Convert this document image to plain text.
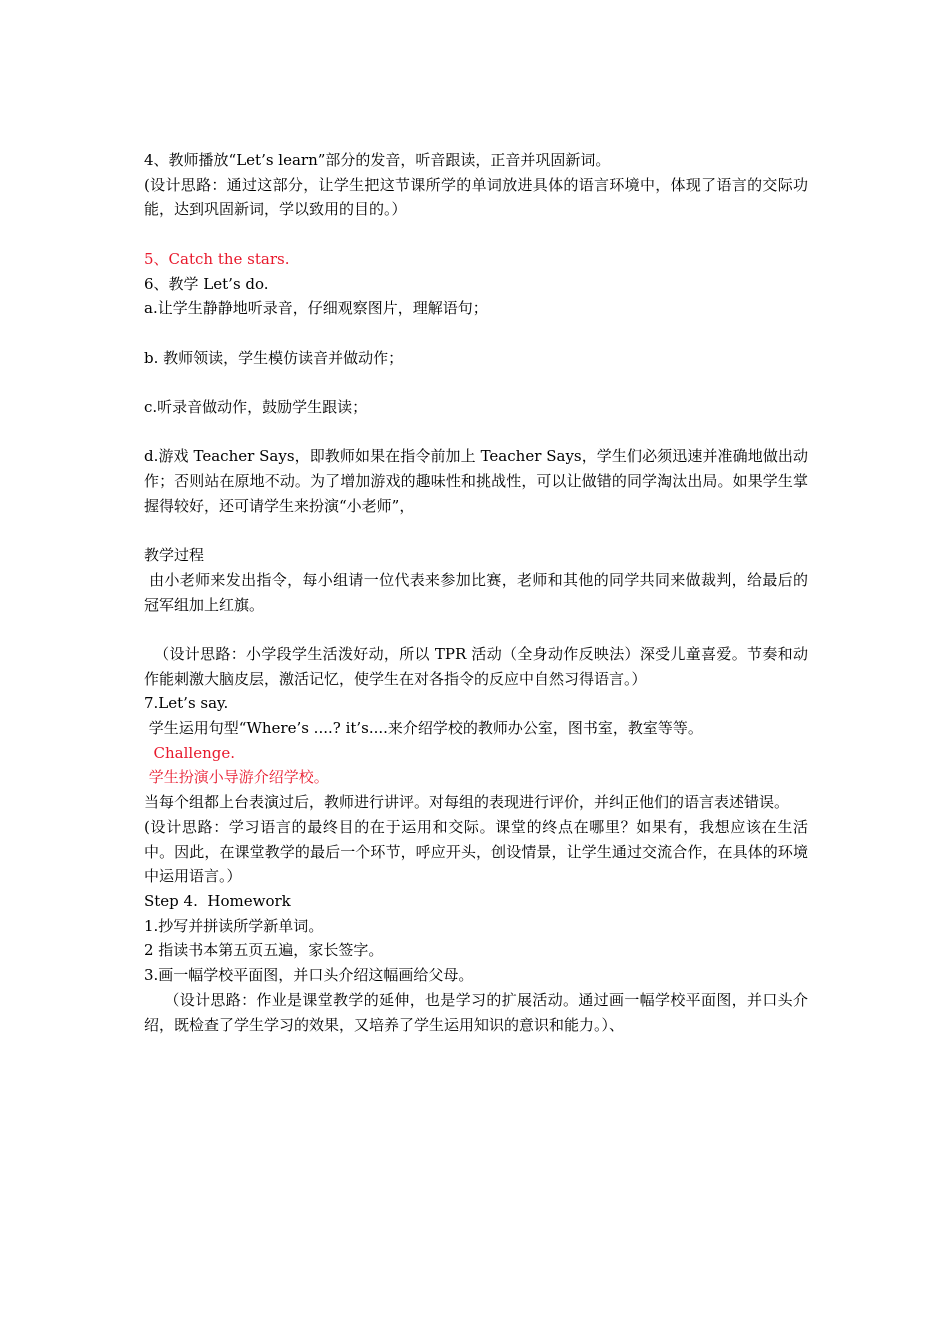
4、教师播放“Let’s learn”部分的发音，听音跟读，正音并巩固新词。

(设计思路：通过这部分，让学生把这节课所学的单词放进具体的语言环境中，体现了语言的交际功能，达到巩固新词，学以致用的目的。）

5、Catch the stars.

6、教学 Let’s do.

a.让学生静静地听录音，仔细观察图片，理解语句；

b. 教师领读，学生模仿读音并做动作；

c.听录音做动作，鼓励学生跟读；

d.游戏 Teacher Says，即教师如果在指令前加上 Teacher Says，学生们必须迅速并准确地做出动作；否则站在原地不动。为了增加游戏的趣味性和挑战性，可以让做错的同学淘汰出局。如果学生掌握得较好，还可请学生来扮演“小老师”，

教学过程

由小老师来发出指令，每小组请一位代表来参加比赛，老师和其他的同学共同来做裁判，给最后的冠军组加上红旗。

（设计思路：小学段学生活泼好动，所以 TPR 活动（全身动作反映法）深受儿童喜爱。节奏和动作能刺激大脑皮层，激活记忆，使学生在对各指令的反应中自然习得语言。）

7.Let’s say.

学生运用句型“Where’s ....? it’s....来介绍学校的教师办公室，图书室，教室等等。

Challenge.

学生扮演小导游介绍学校。

当每个组都上台表演过后，教师进行讲评。对每组的表现进行评价，并纠正他们的语言表述错误。

(设计思路：学习语言的最终目的在于运用和交际。课堂的终点在哪里？如果有，我想应该在生活中。因此，在课堂教学的最后一个环节，呼应开头，创设情景，让学生通过交流合作，在具体的环境中运用语言。）

Step 4.  Homework

1.抄写并拼读所学新单词。

2 指读书本第五页五遍，家长签字。

3.画一幅学校平面图，并口头介绍这幅画给父母。

（设计思路：作业是课堂教学的延伸，也是学习的扩展活动。通过画一幅学校平面图，并口头介绍，既检查了学生学习的效果，又培养了学生运用知识的意识和能力。）、
